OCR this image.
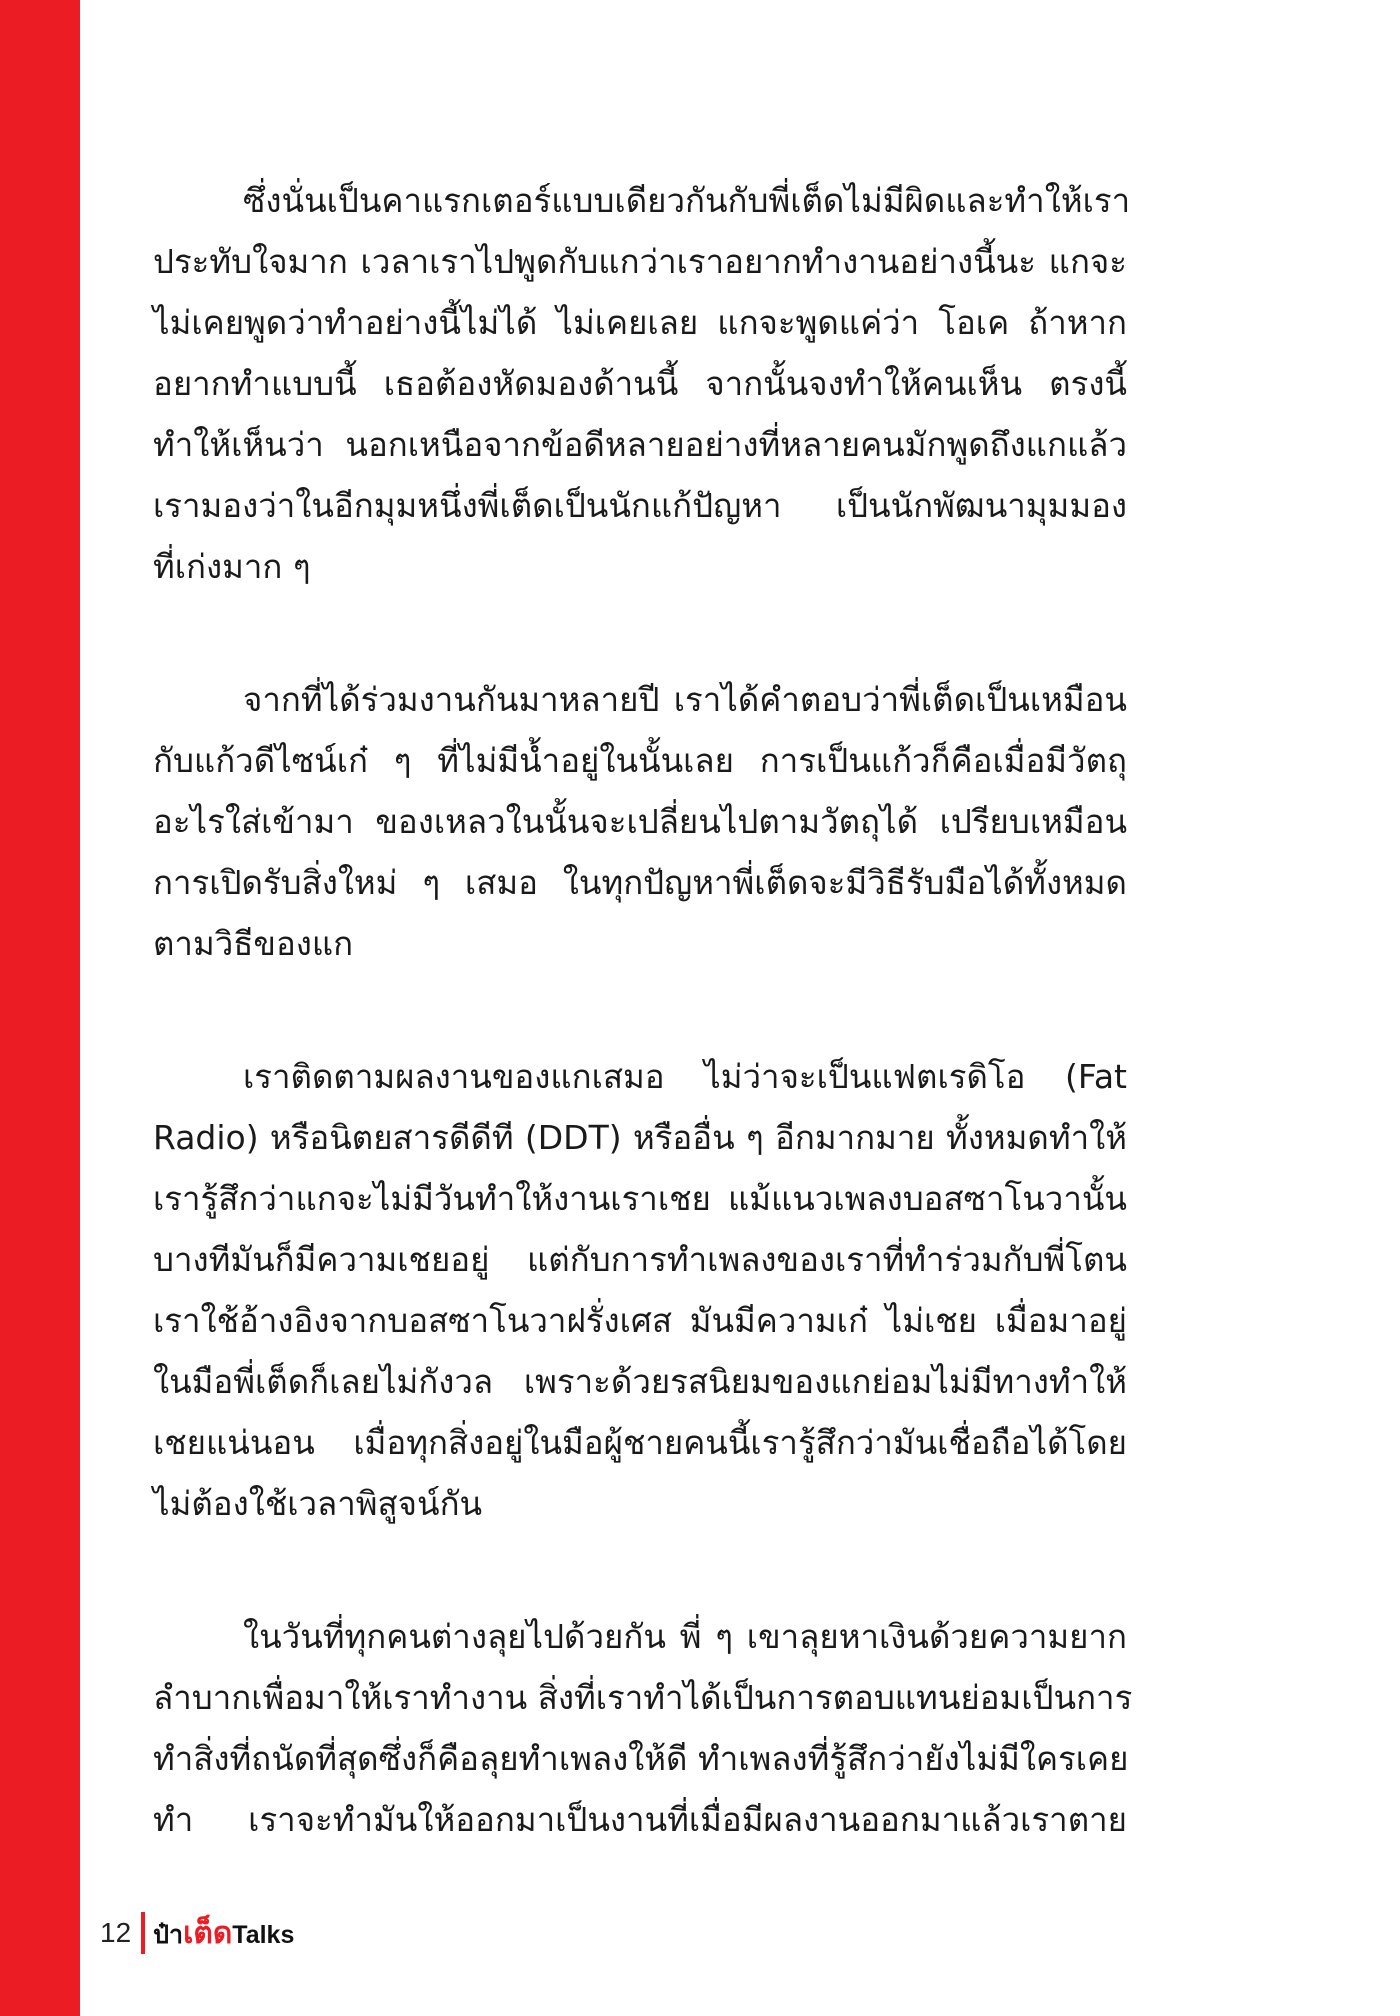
ซึ่งนั่นเป็นคาแรกเตอร์แบบเดียวกันกับพี่เต็ดไม่มีผิดและทำให้เรา
ประทับใจมาก เวลาเราไปพูดกับแกว่าเราอยากทำงานอย่างนี้นะ แกจะ
ไม่เคยพูดว่าทำอย่างนี้ไม่ได้ ไม่เคยเลย แกจะพูดแค่ว่า โอเค ถ้าหาก
อยากทำแบบนี้ เธอต้องหัดมองด้านนี้ จากนั้นจงทำให้คนเห็น ตรงนี้
ทำให้เห็นว่า นอกเหนือจากข้อดีหลายอย่างที่หลายคนมักพูดถึงแกแล้ว
เรามองว่าในอีกมุมหนึ่งพี่เต็ดเป็นนักแก้ปัญหา เป็นนักพัฒนามุมมอง
ที่เก่งมาก ๆ
จากที่ได้ร่วมงานกันมาหลายปี เราได้คำตอบว่าพี่เต็ดเป็นเหมือน
กับแก้วดีไซน์เก๋ ๆ ที่ไม่มีน้ำอยู่ในนั้นเลย การเป็นแก้วก็คือเมื่อมีวัตถุ
อะไรใส่เข้ามา ของเหลวในนั้นจะเปลี่ยนไปตามวัตถุได้ เปรียบเหมือน
การเปิดรับสิ่งใหม่ ๆ เสมอ ในทุกปัญหาพี่เต็ดจะมีวิธีรับมือได้ทั้งหมด
ตามวิธีของแก
เราติดตามผลงานของแกเสมอ ไม่ว่าจะเป็นแฟตเรดิโอ (Fat
Radio) หรือนิตยสารดีดีที (DDT) หรืออื่น ๆ อีกมากมาย ทั้งหมดทำให้
เรารู้สึกว่าแกจะไม่มีวันทำให้งานเราเชย แม้แนวเพลงบอสซาโนวานั้น
บางทีมันก็มีความเชยอยู่ แต่กับการทำเพลงของเราที่ทำร่วมกับพี่โตน
เราใช้อ้างอิงจากบอสซาโนวาฝรั่งเศส มันมีความเก๋ ไม่เชย เมื่อมาอยู่
ในมือพี่เต็ดก็เลยไม่กังวล เพราะด้วยรสนิยมของแกย่อมไม่มีทางทำให้
เชยแน่นอน เมื่อทุกสิ่งอยู่ในมือผู้ชายคนนี้เรารู้สึกว่ามันเชื่อถือได้โดย
ไม่ต้องใช้เวลาพิสูจน์กัน
ในวันที่ทุกคนต่างลุยไปด้วยกัน พี่ ๆ เขาลุยหาเงินด้วยความยาก
ลำบากเพื่อมาให้เราทำงาน สิ่งที่เราทำได้เป็นการตอบแทนย่อมเป็นการ
ทำสิ่งที่ถนัดที่สุดซึ่งก็คือลุยทำเพลงให้ดี ทำเพลงที่รู้สึกว่ายังไม่มีใครเคย
ทำ เราจะทำมันให้ออกมาเป็นงานที่เมื่อมีผลงานออกมาแล้วเราตาย
12 ป๋าเต็ดTalks
